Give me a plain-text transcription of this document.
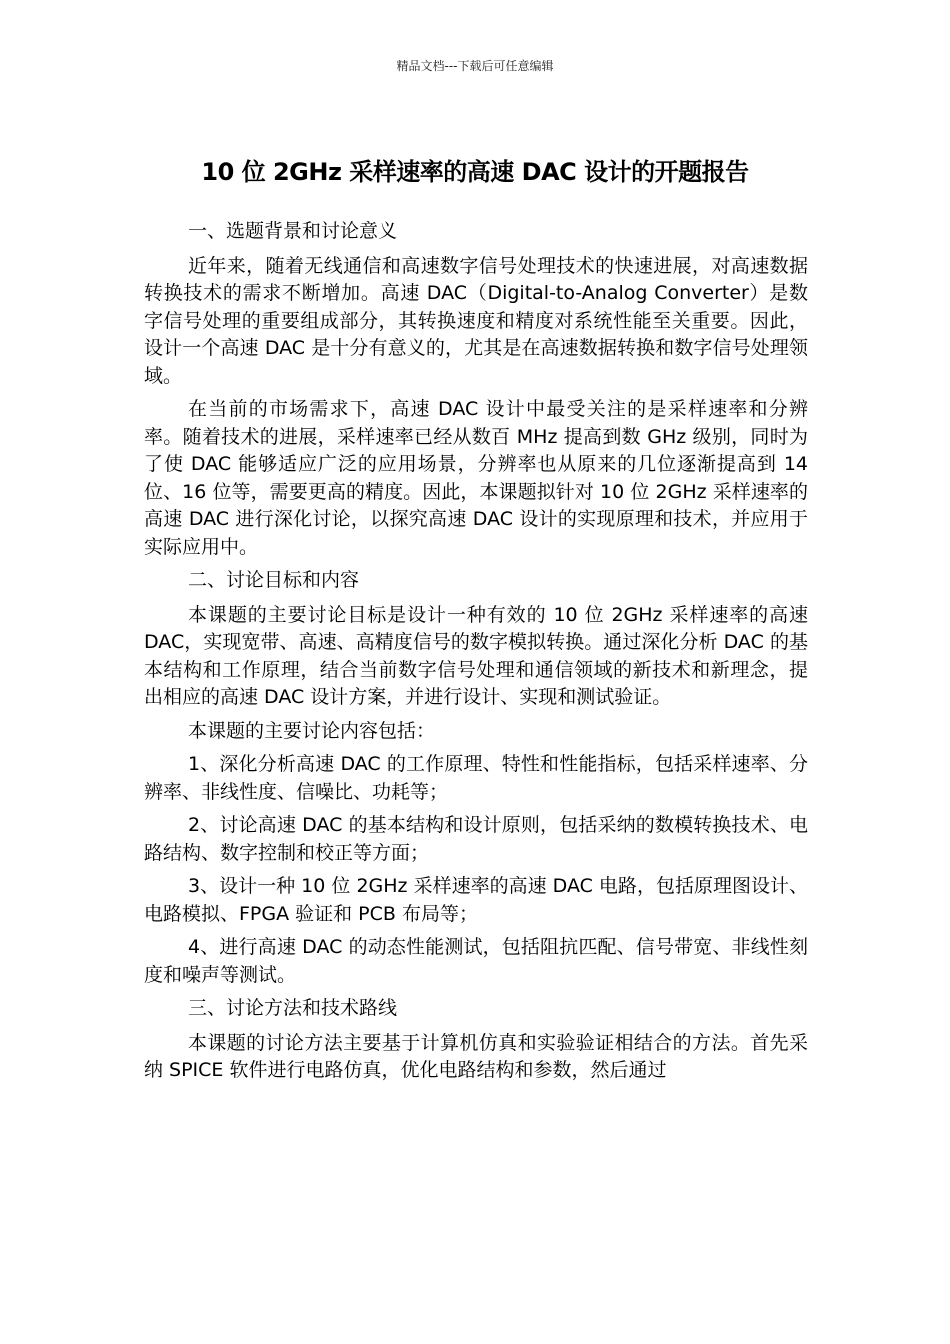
精品文档---下载后可任意编辑
10 位 2GHz 采样速率的高速 DAC 设计的开题报告

一、选题背景和讨论意义

近年来，随着无线通信和高速数字信号处理技术的快速进展，对高速数据转换技术的需求不断增加。高速 DAC（Digital-to-Analog Converter）是数字信号处理的重要组成部分，其转换速度和精度对系统性能至关重要。因此，设计一个高速 DAC 是十分有意义的，尤其是在高速数据转换和数字信号处理领域。

在当前的市场需求下，高速 DAC 设计中最受关注的是采样速率和分辨率。随着技术的进展，采样速率已经从数百 MHz 提高到数 GHz 级别，同时为了使 DAC 能够适应广泛的应用场景，分辨率也从原来的几位逐渐提高到 14 位、16 位等，需要更高的精度。因此，本课题拟针对 10 位 2GHz 采样速率的高速 DAC 进行深化讨论，以探究高速 DAC 设计的实现原理和技术，并应用于实际应用中。

二、讨论目标和内容

本课题的主要讨论目标是设计一种有效的 10 位 2GHz 采样速率的高速 DAC，实现宽带、高速、高精度信号的数字模拟转换。通过深化分析 DAC 的基本结构和工作原理，结合当前数字信号处理和通信领域的新技术和新理念，提出相应的高速 DAC 设计方案，并进行设计、实现和测试验证。

本课题的主要讨论内容包括：

1、深化分析高速 DAC 的工作原理、特性和性能指标，包括采样速率、分辨率、非线性度、信噪比、功耗等；

2、讨论高速 DAC 的基本结构和设计原则，包括采纳的数模转换技术、电路结构、数字控制和校正等方面；

3、设计一种 10 位 2GHz 采样速率的高速 DAC 电路，包括原理图设计、电路模拟、FPGA 验证和 PCB 布局等；

4、进行高速 DAC 的动态性能测试，包括阻抗匹配、信号带宽、非线性刻度和噪声等测试。

三、讨论方法和技术路线

本课题的讨论方法主要基于计算机仿真和实验验证相结合的方法。首先采纳 SPICE 软件进行电路仿真，优化电路结构和参数，然后通过
